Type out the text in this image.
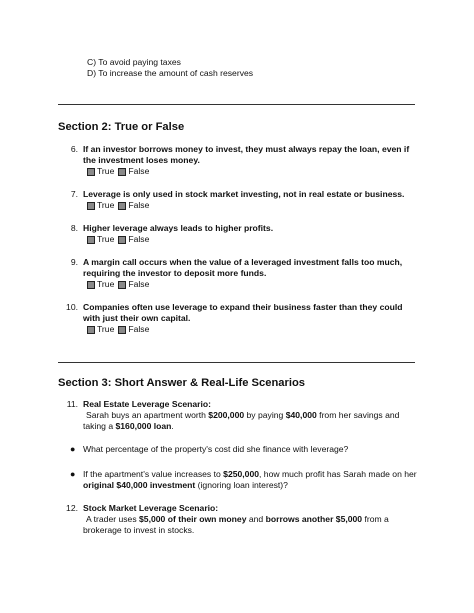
C) To avoid paying taxes
D) To increase the amount of cash reserves
Section 2: True or False
6. If an investor borrows money to invest, they must always repay the loan, even if
the investment loses money.
True False
7. Leverage is only used in stock market investing, not in real estate or business.
True False
8. Higher leverage always leads to higher profits.
True False
9. A margin call occurs when the value of a leveraged investment falls too much,
requiring the investor to deposit more funds.
True False
10. Companies often use leverage to expand their business faster than they could
with just their own capital.
True False
Section 3: Short Answer & Real-Life Scenarios
11. Real Estate Leverage Scenario:
Sarah buys an apartment worth $200,000 by paying $40,000 from her savings and
taking a $160,000 loan.
● What percentage of the property's cost did she finance with leverage?
● If the apartment's value increases to $250,000, how much profit has Sarah made on her
original $40,000 investment (ignoring loan interest)?
12. Stock Market Leverage Scenario:
A trader uses $5,000 of their own money and borrows another $5,000 from a
brokerage to invest in stocks.
